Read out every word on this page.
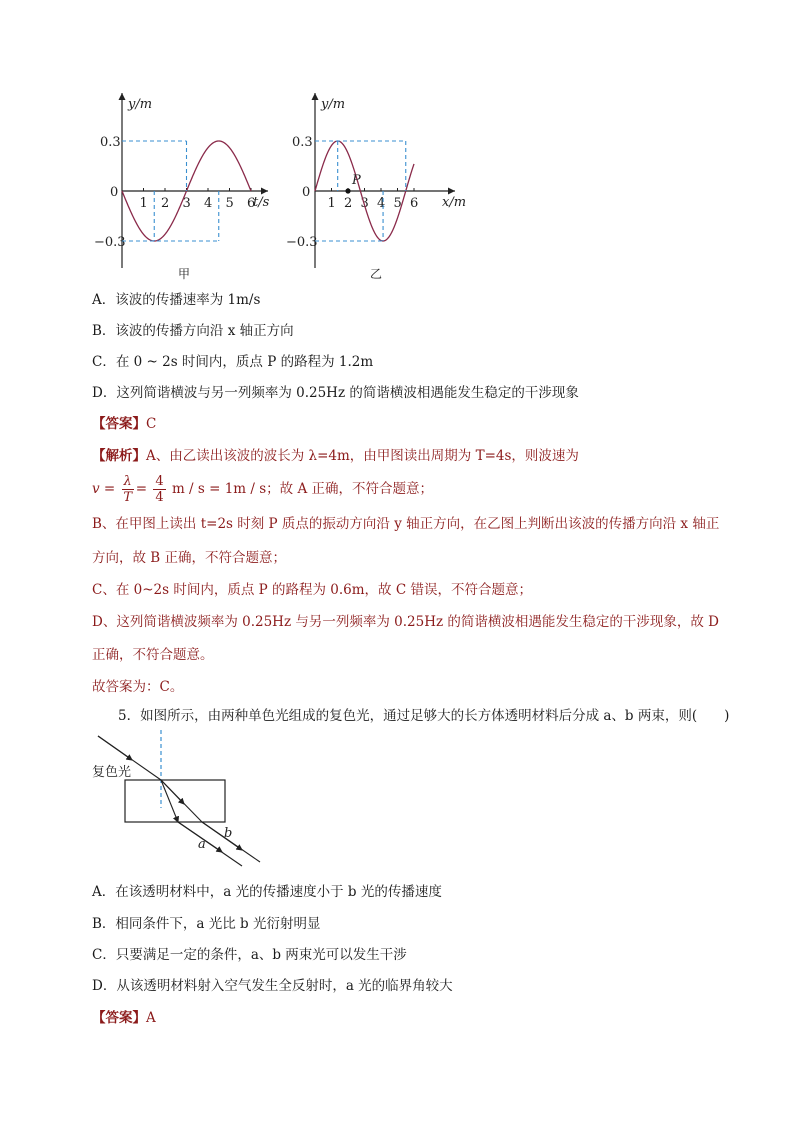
y/m
t/s
0.3
0
−0.3
1 2 3 4 5 6
甲
y/m
x/m
0.3
0
−0.3
1 2 3 4 5 6
P
乙
A．该波的传播速率为 1m/s
B．该波的传播方向沿 x 轴正方向
C．在 0 ~ 2s 时间内，质点 P 的路程为 1.2m
D．这列简谐横波与另一列频率为 0.25Hz 的简谐横波相遇能发生稳定的干涉现象
【答案】C
【解析】A、由乙读出该波的波长为 λ=4m，由甲图读出周期为 T=4s，则波速为
$v = \frac{\lambda}{T} = \frac{4}{4}$ m / s = 1m / s；故 A 正确，不符合题意；
B、在甲图上读出 t=2s 时刻 P 质点的振动方向沿 y 轴正方向，在乙图上判断出该波的传播方向沿 x 轴正
方向，故 B 正确，不符合题意；
C、在 0~2s 时间内，质点 P 的路程为 0.6m，故 C 错误，不符合题意；
D、这列简谐横波频率为 0.25Hz 与另一列频率为 0.25Hz 的简谐横波相遇能发生稳定的干涉现象，故 D
正确，不符合题意。
故答案为：C。
5．如图所示，由两种单色光组成的复色光，通过足够大的长方体透明材料后分成 a、b 两束，则(　　)
复色光
a
b
A．在该透明材料中，a 光的传播速度小于 b 光的传播速度
B．相同条件下，a 光比 b 光衍射明显
C．只要满足一定的条件，a、b 两束光可以发生干涉
D．从该透明材料射入空气发生全反射时，a 光的临界角较大
【答案】A
